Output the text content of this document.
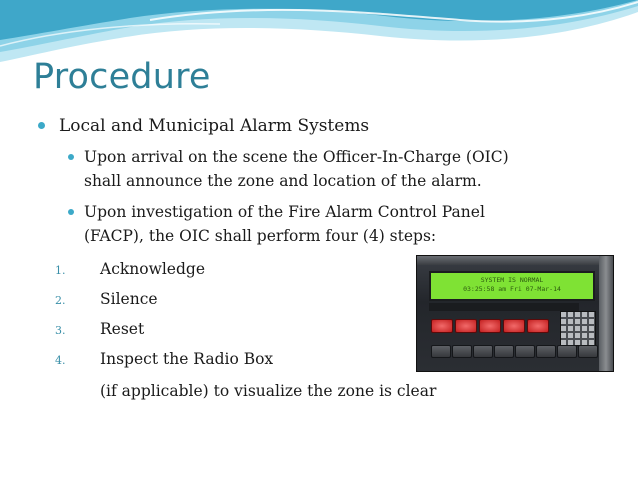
Procedure
Local and Municipal Alarm Systems
Upon arrival on the scene the Officer-In-Charge (OIC)
shall announce the zone and location of the alarm.
Upon investigation of the Fire Alarm Control Panel
(FACP), the OIC shall perform four (4) steps:
1. Acknowledge
2. Silence
3. Reset
4. Inspect the Radio Box
(if applicable) to visualize the zone is clear
SYSTEM IS NORMAL
03:25:58 am Fri 07-Mar-14
